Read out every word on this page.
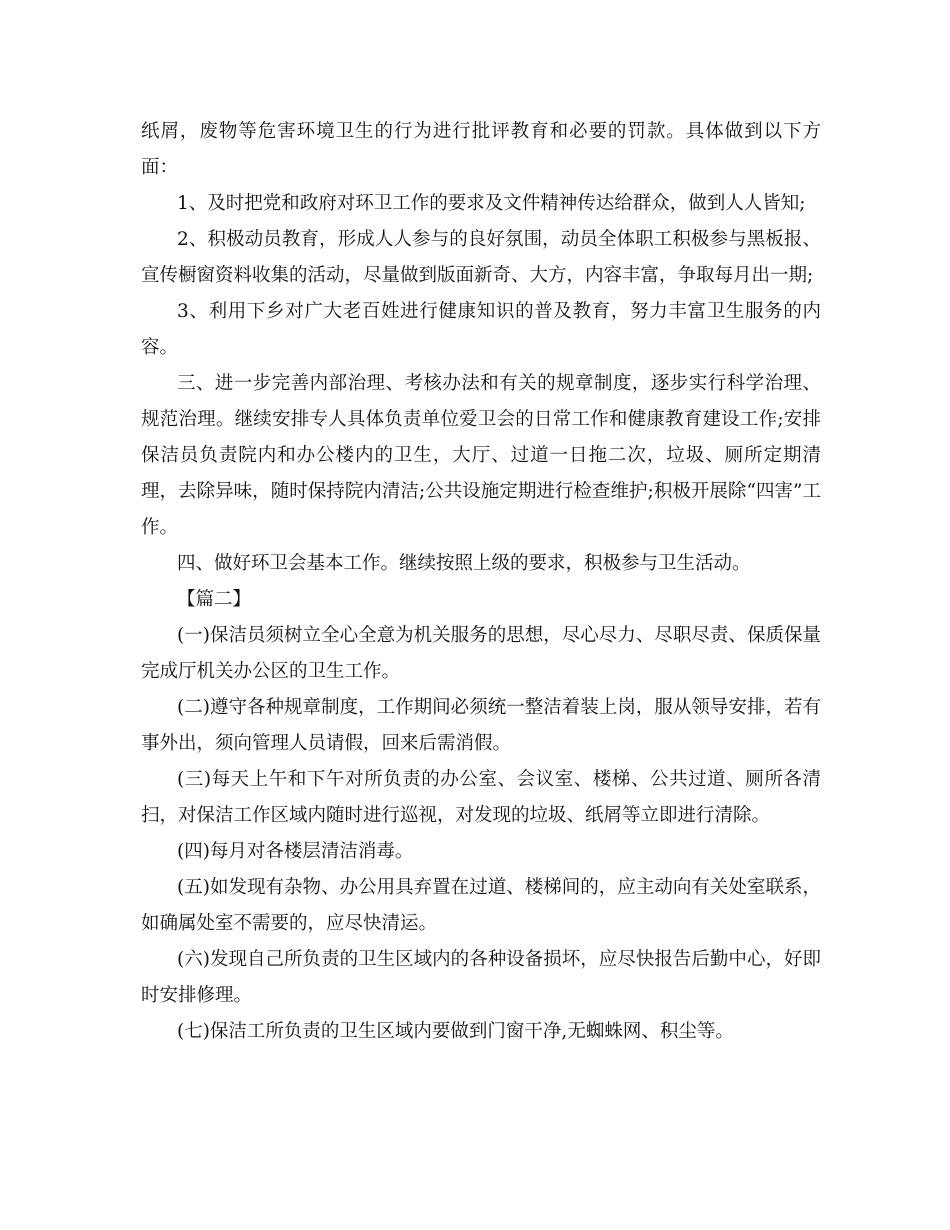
纸屑，废物等危害环境卫生的行为进行批评教育和必要的罚款。具体做到以下方面：

1、及时把党和政府对环卫工作的要求及文件精神传达给群众，做到人人皆知;

2、积极动员教育，形成人人参与的良好氛围，动员全体职工积极参与黑板报、宣传橱窗资料收集的活动，尽量做到版面新奇、大方，内容丰富，争取每月出一期;

3、利用下乡对广大老百姓进行健康知识的普及教育，努力丰富卫生服务的内容。

三、进一步完善内部治理、考核办法和有关的规章制度，逐步实行科学治理、规范治理。继续安排专人具体负责单位爱卫会的日常工作和健康教育建设工作;安排保洁员负责院内和办公楼内的卫生，大厅、过道一日拖二次，垃圾、厕所定期清理，去除异味，随时保持院内清洁;公共设施定期进行检查维护;积极开展除“四害”工作。

四、做好环卫会基本工作。继续按照上级的要求，积极参与卫生活动。

【篇二】

(一)保洁员须树立全心全意为机关服务的思想，尽心尽力、尽职尽责、保质保量完成厅机关办公区的卫生工作。

(二)遵守各种规章制度，工作期间必须统一整洁着装上岗，服从领导安排，若有事外出，须向管理人员请假，回来后需消假。

(三)每天上午和下午对所负责的办公室、会议室、楼梯、公共过道、厕所各清扫，对保洁工作区域内随时进行巡视，对发现的垃圾、纸屑等立即进行清除。

(四)每月对各楼层清洁消毒。

(五)如发现有杂物、办公用具弃置在过道、楼梯间的，应主动向有关处室联系，如确属处室不需要的，应尽快清运。

(六)发现自己所负责的卫生区域内的各种设备损坏，应尽快报告后勤中心，好即时安排修理。

(七)保洁工所负责的卫生区域内要做到门窗干净,无蜘蛛网、积尘等。
